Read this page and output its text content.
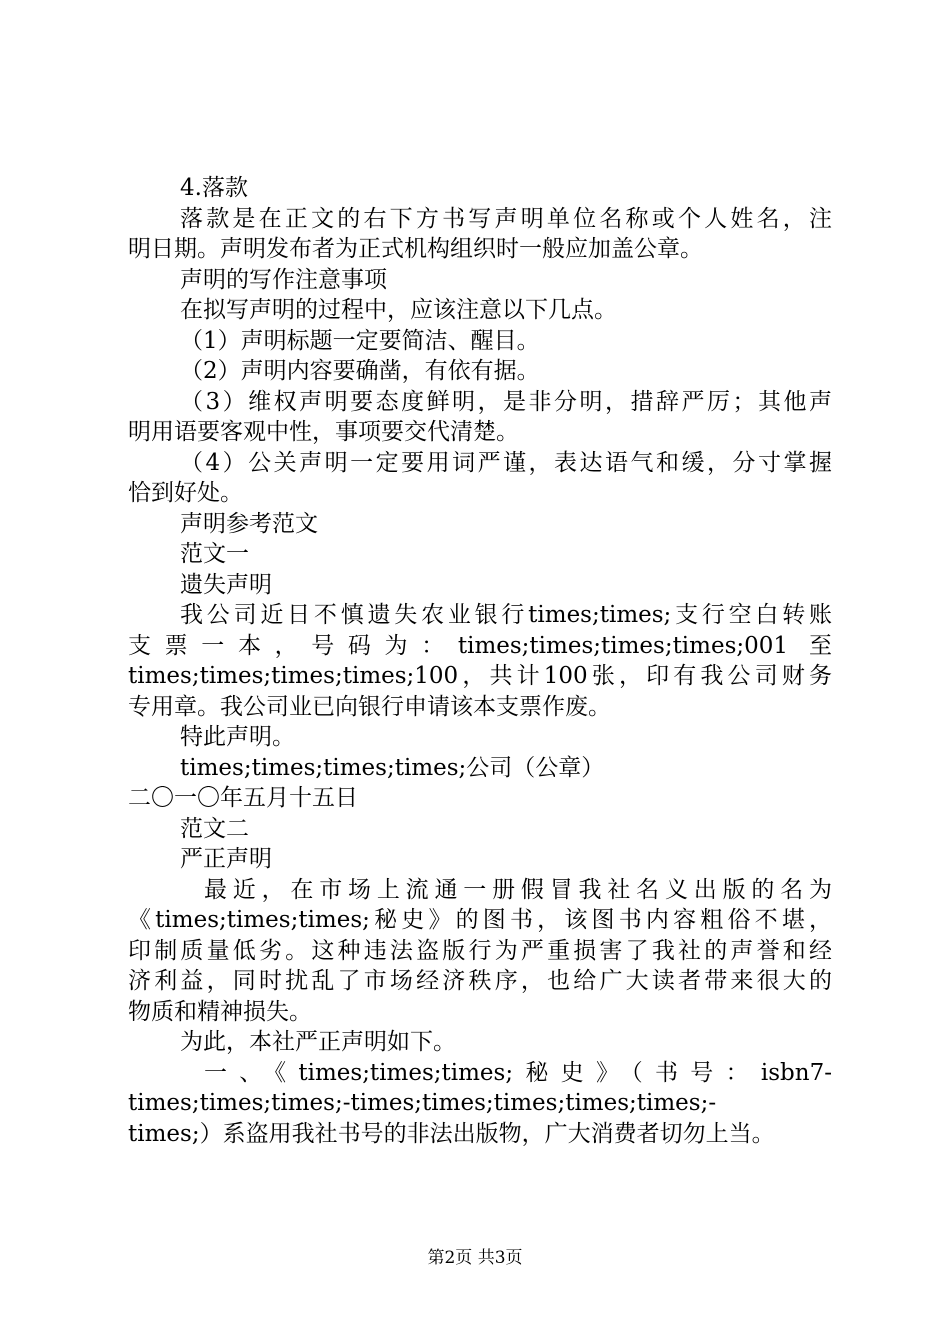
4.落款
落款是在正文的右下方书写声明单位名称或个人姓名，注
明日期。声明发布者为正式机构组织时一般应加盖公章。
声明的写作注意事项
在拟写声明的过程中，应该注意以下几点。
（1）声明标题一定要简洁、醒目。
（2）声明内容要确凿，有依有据。
（3）维权声明要态度鲜明，是非分明，措辞严厉；其他声
明用语要客观中性，事项要交代清楚。
（4）公关声明一定要用词严谨，表达语气和缓，分寸掌握
恰到好处。
声明参考范文
范文一
遗失声明
我公司近日不慎遗失农业银行times;times;支行空白转账
支票一本，号码为：times;times;times;times;001 至
times;times;times;times;100，共计100张，印有我公司财务
专用章。我公司业已向银行申请该本支票作废。
特此声明。
times;times;times;times;公司（公章）
二〇一〇年五月十五日
范文二
严正声明
最近，在市场上流通一册假冒我社名义出版的名为
《times;times;times;秘史》的图书，该图书内容粗俗不堪，
印制质量低劣。这种违法盗版行为严重损害了我社的声誉和经
济利益，同时扰乱了市场经济秩序，也给广大读者带来很大的
物质和精神损失。
为此，本社严正声明如下。
一、《times;times;times;秘史》（书号：isbn7-
times;times;times;-times;times;times;times;times;-
times;）系盗用我社书号的非法出版物，广大消费者切勿上当。
第2页 共3页
